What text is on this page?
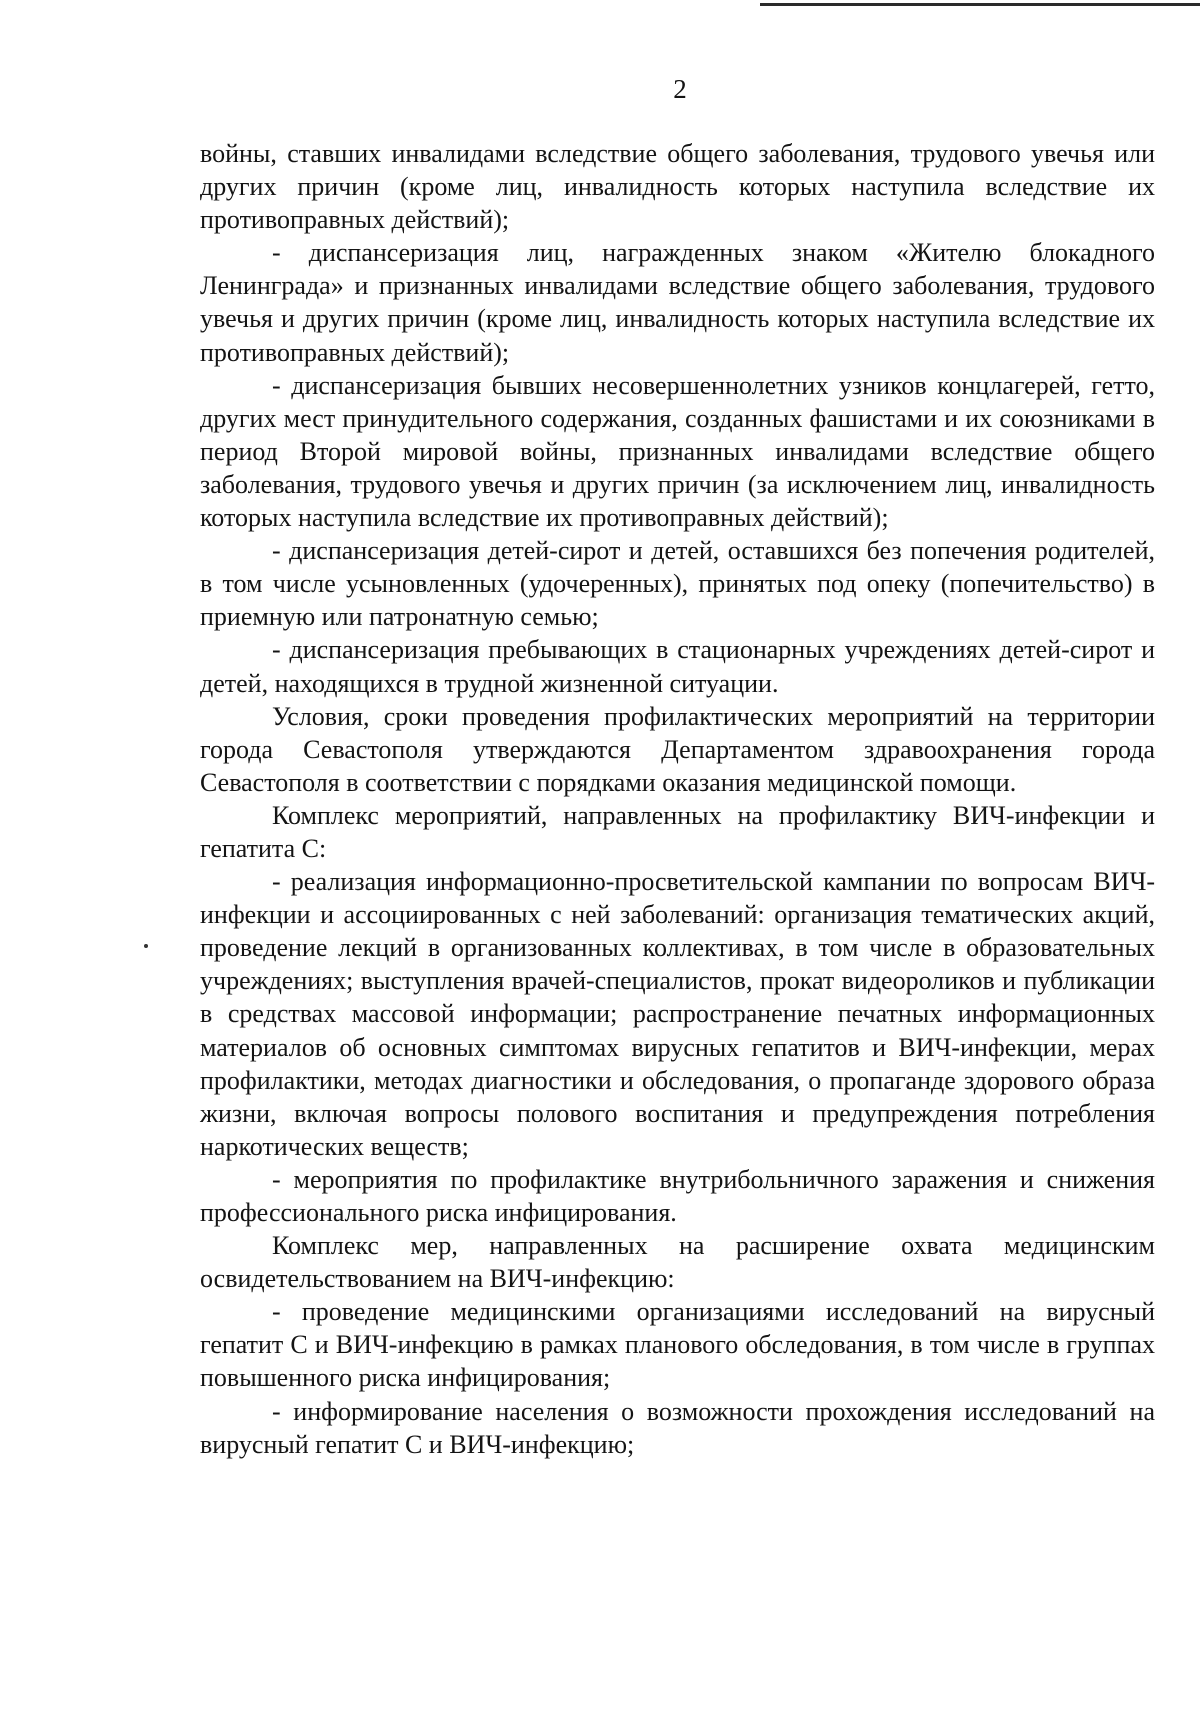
2

войны, ставших инвалидами вследствие общего заболевания, трудового увечья или других причин (кроме лиц, инвалидность которых наступила вследствие их противоправных действий);

- диспансеризация лиц, награжденных знаком «Жителю блокадного Ленинграда» и признанных инвалидами вследствие общего заболевания, трудового увечья и других причин (кроме лиц, инвалидность которых наступила вследствие их противоправных действий);

- диспансеризация бывших несовершеннолетних узников концлагерей, гетто, других мест принудительного содержания, созданных фашистами и их союзниками в период Второй мировой войны, признанных инвалидами вследствие общего заболевания, трудового увечья и других причин (за исключением лиц, инвалидность которых наступила вследствие их противоправных действий);

- диспансеризация детей-сирот и детей, оставшихся без попечения родителей, в том числе усыновленных (удочеренных), принятых под опеку (попечительство) в приемную или патронатную семью;

- диспансеризация пребывающих в стационарных учреждениях детей-сирот и детей, находящихся в трудной жизненной ситуации.

Условия, сроки проведения профилактических мероприятий на территории города Севастополя утверждаются Департаментом здравоохранения города Севастополя в соответствии с порядками оказания медицинской помощи.

Комплекс мероприятий, направленных на профилактику ВИЧ-инфекции и гепатита С:

- реализация информационно-просветительской кампании по вопросам ВИЧ-инфекции и ассоциированных с ней заболеваний: организация тематических акций, проведение лекций в организованных коллективах, в том числе в образовательных учреждениях; выступления врачей-специалистов, прокат видеороликов и публикации в средствах массовой информации; распространение печатных информационных материалов об основных симптомах вирусных гепатитов и ВИЧ-инфекции, мерах профилактики, методах диагностики и обследования, о пропаганде здорового образа жизни, включая вопросы полового воспитания и предупреждения потребления наркотических веществ;

- мероприятия по профилактике внутрибольничного заражения и снижения профессионального риска инфицирования.

Комплекс мер, направленных на расширение охвата медицинским освидетельствованием на ВИЧ-инфекцию:

- проведение медицинскими организациями исследований на вирусный гепатит С и ВИЧ-инфекцию в рамках планового обследования, в том числе в группах повышенного риска инфицирования;

- информирование населения о возможности прохождения исследований на вирусный гепатит С и ВИЧ-инфекцию;
